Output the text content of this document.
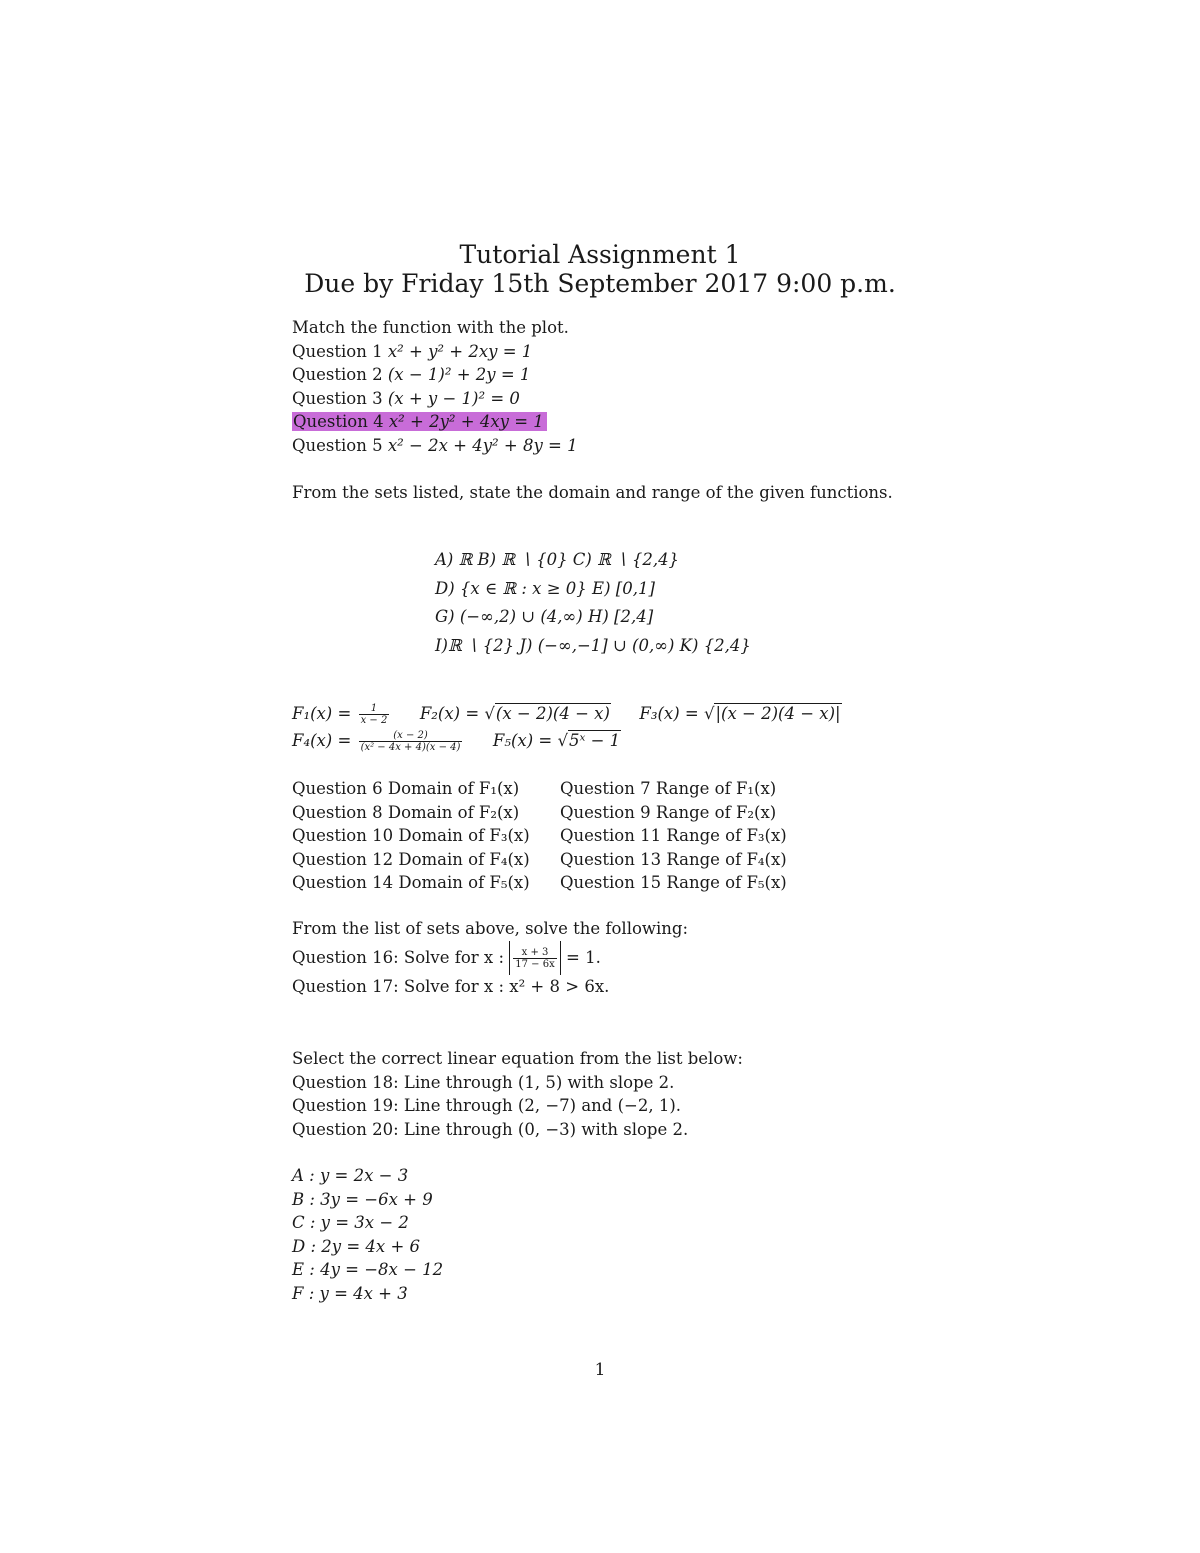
Tutorial Assignment 1
Due by Friday 15th September 2017 9:00 p.m.
Match the function with the plot.
Question 1 x² + y² + 2xy = 1
Question 2 (x − 1)² + 2y = 1
Question 3 (x + y − 1)² = 0
Question 4 x² + 2y² + 4xy = 1
Question 5 x² − 2x + 4y² + 8y = 1
From the sets listed, state the domain and range of the given functions.
A) ℝ B) ℝ ∖ {0} C) ℝ ∖ {2,4}
D) {x ∈ ℝ : x ≥ 0} E) [0,1]
G) (−∞,2) ∪ (4,∞) H) [2,4]
I)ℝ ∖ {2} J) (−∞,−1] ∪ (0,∞) K) {2,4}
$F_1(x) = \frac{1}{x - 2} F_2(x) = √(x - 2)(4 - x) F_3(x) = √|(x - 2)(4 - x)|$
$F_4(x) = \frac{(x - 2)}{\text{(x² − 4x + 4)(x − 4)}} F_5(x)$ = √5ˣ − 1
Question 6 Domain of F₁(x) Question 7 Range of F₁(x)
Question 8 Domain of F₂(x) Question 9 Range of F₂(x)
Question 10 Domain of F₃(x) Question 11 Range of F₃(x)
Question 12 Domain of F₄(x) Question 13 Range of F₄(x)
Question 14 Domain of F₅(x) Question 15 Range of F₅(x)
From the list of sets above, solve the following:
Question 16: Solve for x : $\frac{x + 3}{17 - 6x} = 1$.
Question 17: Solve for x : x² + 8 > 6x.
Select the correct linear equation from the list below:
Question 18: Line through (1, 5) with slope 2.
Question 19: Line through (2, −7) and (−2, 1).
Question 20: Line through (0, −3) with slope 2.
A : y = 2x − 3
B : 3y = −6x + 9
C : y = 3x − 2
D : 2y = 4x + 6
E : 4y = −8x − 12
F : y = 4x + 3
1
